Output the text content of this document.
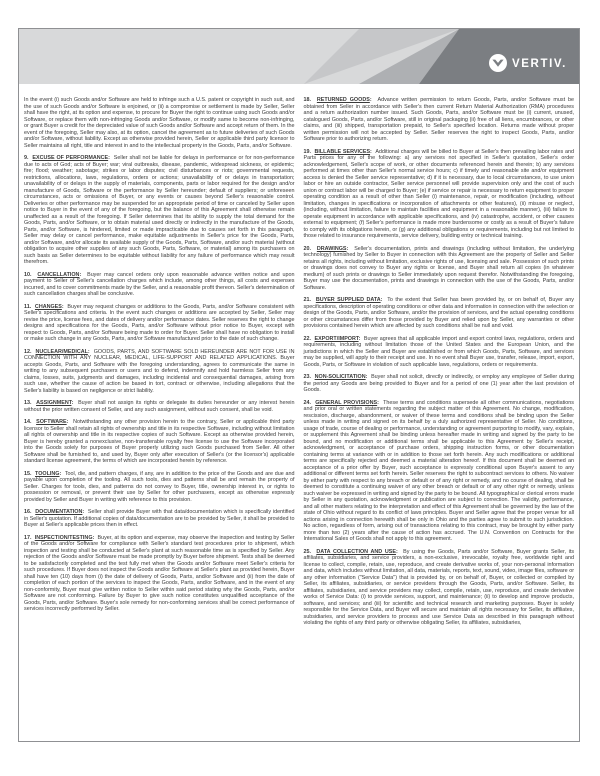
VERTIV.

In the event (i) such Goods and/or Software are held to infringe such a U.S. patent or copyright in such suit, and the use of such Goods and/or Software is enjoined, or (ii) a compromise or settlement is made by Seller, Seller shall have the right, at its option and expense, to procure for Buyer the right to continue using such Goods and/or Software, or replace them with non-infringing Goods and/or Software, or modify same to become non-infringing, or grant Buyer a credit for the depreciated value of such Goods and/or Software and accept return of them. In the event of the foregoing, Seller may also, at its option, cancel the agreement as to future deliveries of such Goods and/or Software, without liability. Except as otherwise provided herein, Seller or applicable third party licensor to Seller maintains all right, title and interest in and to the intellectual property in the Goods, Parts, and/or Software.

9.  EXCUSE OF PERFORMANCE:  Seller shall not be liable for delays in performance or for non-performance due to acts of God; acts of Buyer; war; viral outbreaks, disease, pandemic, widespread sickness, or epidemic; fire; flood; weather; sabotage; strikes or labor disputes; civil disturbances or riots; governmental requests, restrictions, allocations, laws, regulations, orders or actions; unavailability of or delays in transportation; unavailability of or delays in the supply of materials, components, parts or labor required for the design and/or manufacture of Goods, Software or the performance by Seller hereunder; default of suppliers; or unforeseen circumstances, acts or omissions of Buyer, or any events or causes beyond Seller's reasonable control. Deliveries or other performance may be suspended for an appropriate period of time or canceled by Seller upon notice to Buyer in the event of any of the foregoing, but the balance of this Agreement shall otherwise remain unaffected as a result of the foregoing. If Seller determines that its ability to supply the total demand for the Goods, Parts, and/or Software, or to obtain material used directly or indirectly in the manufacture of the Goods, Parts, and/or Software, is hindered, limited or made impracticable due to causes set forth in this paragraph, Seller may delay or cancel performance, make equitable adjustments in Seller's price for the Goods, Parts, and/or Software, and/or allocate its available supply of the Goods, Parts, Software, and/or such material (without obligation to acquire other supplies of any such Goods, Parts, Software, or material) among its purchasers on such basis as Seller determines to be equitable without liability for any failure of performance which may result therefrom.

10.  CANCELLATION:  Buyer may cancel orders only upon reasonable advance written notice and upon payment to Seller of Seller's cancellation charges which include, among other things, all costs and expenses incurred, and to cover commitments made by the Seller, and a reasonable profit thereon. Seller's determination of such cancellation charges shall be conclusive.

11.  CHANGES:  Buyer may request changes or additions to the Goods, Parts, and/or Software consistent with Seller's specifications and criteria. In the event such changes or additions are accepted by Seller, Seller may revise the price, license fees, and dates of delivery and/or performance dates. Seller reserves the right to change designs and specifications for the Goods, Parts, and/or Software without prior notice to Buyer, except with respect to Goods, Parts, and/or Software being made to order for Buyer. Seller shall have no obligation to install or make such change in any Goods, Parts, and/or Software manufactured prior to the date of such change.

12.  NUCLEAR/MEDICAL:  GOODS, PARTS, AND SOFTWARE SOLD HEREUNDER ARE NOT FOR USE IN CONNECTION WITH ANY NUCLEAR, MEDICAL, LIFE-SUPPORT AND RELATED APPLICATIONS. Buyer accepts Goods, Parts, and Software with the foregoing understanding, agrees to communicate the same in writing to any subsequent purchasers or users and to defend, indemnify and hold harmless Seller from any claims, losses, suits, judgments and damages, including incidental and consequential damages, arising from such use, whether the cause of action be based in tort, contract or otherwise, including allegations that the Seller's liability is based on negligence or strict liability.

13.  ASSIGNMENT:  Buyer shall not assign its rights or delegate its duties hereunder or any interest herein without the prior written consent of Seller, and any such assignment, without such consent, shall be void.

14.  SOFTWARE:  Notwithstanding any other provision herein to the contrary, Seller or applicable third party licensor to Seller shall retain all rights of ownership and title in its respective Software, including without limitation all rights of ownership and title in its respective copies of such Software. Except as otherwise provided herein, Buyer is hereby granted a nonexclusive, non-transferable royalty free license to use the Software incorporated into the Goods solely for purposes of Buyer properly utilizing such Goods purchased from Seller. All other Software shall be furnished to, and used by, Buyer only after execution of Seller's (or the licensor's) applicable standard license agreement, the terms of which are incorporated herein by reference.

15.  TOOLING:  Tool, die, and pattern charges, if any, are in addition to the price of the Goods and are due and payable upon completion of the tooling. All such tools, dies and patterns shall be and remain the property of Seller. Charges for tools, dies, and patterns do not convey to Buyer, title, ownership interest in, or rights to possession or removal, or prevent their use by Seller for other purchasers, except as otherwise expressly provided by Seller and Buyer in writing with reference to this provision.

16.  DOCUMENTATION:  Seller shall provide Buyer with that data/documentation which is specifically identified in Seller's quotation. If additional copies of data/documentation are to be provided by Seller, it shall be provided to Buyer at Seller's applicable prices then in effect.

17.  INSPECTION/TESTING:  Buyer, at its option and expense, may observe the inspection and testing by Seller of the Goods and/or Software for compliance with Seller's standard test procedures prior to shipment, which inspection and testing shall be conducted at Seller's plant at such reasonable time as is specified by Seller. Any rejection of the Goods and/or Software must be made promptly by Buyer before shipment. Tests shall be deemed to be satisfactorily completed and the test fully met when the Goods and/or Software meet Seller's criteria for such procedures. If Buyer does not inspect the Goods and/or Software at Seller's plant as provided herein, Buyer shall have ten (10) days from (i) the date of delivery of Goods, Parts, and/or Software and (ii) from the date of completion of each portion of the services to inspect the Goods, Parts, and/or Software, and in the event of any non-conformity, Buyer must give written notice to Seller within said period stating why the Goods, Parts, and/or Software are not conforming. Failure by Buyer to give such notice constitutes unqualified acceptance of the Goods, Parts, and/or Software. Buyer's sole remedy for non-conforming services shall be correct performance of services incorrectly performed by Seller.

18.  RETURNED GOODS:  Advance written permission to return Goods, Parts, and/or Software must be obtained from Seller in accordance with Seller's then current Return Material Authorization (RMA) procedures and a return authorization number issued. Such Goods, Parts, and/or Software must be (i) current, unused, catalogued Goods, Parts, and/or Software, still in original packaging (ii) free of all liens, encumbrances, or other claims, and (iii) shipped, transportation prepaid, to Seller's specified location. Returns made without proper written permission will not be accepted by Seller. Seller reserves the right to inspect Goods, Parts, and/or Software prior to authorizing return.

19.  BILLABLE SERVICES:  Additional charges will be billed to Buyer at Seller's then prevailing labor rates and Parts prices for any of the following: a) any services not specified in Seller's quotation, Seller's order acknowledgement, Seller's scope of work, or other documents referenced herein and therein; b) any services performed at times other than Seller's normal service hours; c) if timely and reasonable site and/or equipment access is denied the Seller service representative; d) if it is necessary, due to local circumstances, to use union labor or hire an outside contractor, Seller service personnel will provide supervision only and the cost of such union or contract labor will be charged to Buyer; (e) if service or repair is necessary to return equipment to proper operating condition as a result of other than Seller (i) maintenance, repair, or modification (including, without limitation, changes in specifications or incorporation of attachments or other features), (ii) misuse or neglect, (including, without limitation, failure to maintain facilities and equipment in a reasonable manner), (iii) failure to operate equipment in accordance with applicable specifications, and (iv) catastrophe, accident, or other causes external to equipment; (f) Seller's performance is made more burdensome or costly as a result of Buyer's failure to comply with its obligations herein, or (g) any additional obligations or requirements, including but not limited to those related to insurance requirements, service delivery, building entry or technical training.

20.  DRAWINGS:  Seller's documentation, prints and drawings (including without limitation, the underlying technology) furnished by Seller to Buyer in connection with this Agreement are the property of Seller and Seller retains all rights, including without limitation, exclusive rights of use, licensing and sale. Possession of such prints or drawings does not convey to Buyer any rights or license, and Buyer shall return all copies (in whatever medium) of such prints or drawings to Seller immediately upon request therefor. Notwithstanding the foregoing, Buyer may use the documentation, prints and drawings in connection with the use of the Goods, Parts, and/or Software.

21.  BUYER SUPPLIED DATA:  To the extent that Seller has been provided by, or on behalf of, Buyer any specifications, description of operating conditions or other data and information in connection with the selection or design of the Goods, Parts, and/or Software, and/or the provision of services, and the actual operating conditions or other circumstances differ from those provided by Buyer and relied upon by Seller, any warranties or other provisions contained herein which are affected by such conditions shall be null and void.

22.  EXPORT/IMPORT:  Buyer agrees that all applicable import and export control laws, regulations, orders and requirements, including without limitation those of the United States and the European Union, and the jurisdictions in which the Seller and Buyer are established or from which Goods, Parts, Software, and services may be supplied, will apply to their receipt and use. In no event shall Buyer use, transfer, release, import, export, Goods, Parts, or Software in violation of such applicable laws, regulations, orders or requirements.

23.  NON-SOLICITATION:  Buyer shall not solicit, directly or indirectly, or employ any employee of Seller during the period any Goods are being provided to Buyer and for a period of one (1) year after the last provision of Goods.

24.  GENERAL PROVISIONS:  These terms and conditions supersede all other communications, negotiations and prior oral or written statements regarding the subject matter of this Agreement. No change, modification, rescission, discharge, abandonment, or waiver of these terms and conditions shall be binding upon the Seller unless made in writing and signed on its behalf by a duly authorized representative of Seller. No conditions, usage of trade, course of dealing or performance, understanding or agreement purporting to modify, vary, explain, or supplement this Agreement shall be binding unless hereafter made in writing and signed by the party to be bound, and no modification or additional terms shall be applicable to this Agreement by Seller's receipt, acknowledgment, or acceptance of purchase orders, shipping instruction forms, or other documentation containing terms at variance with or in addition to those set forth herein. Any such modifications or additional terms are specifically rejected and deemed a material alteration hereof. If this document shall be deemed an acceptance of a prior offer by Buyer, such acceptance is expressly conditional upon Buyer's assent to any additional or different terms set forth herein. Seller reserves the right to subcontract services to others. No waiver by either party with respect to any breach or default or of any right or remedy, and no course of dealing, shall be deemed to constitute a continuing waiver of any other breach or default or of any other right or remedy, unless such waiver be expressed in writing and signed by the party to be bound. All typographical or clerical errors made by Seller in any quotation, acknowledgment or publication are subject to correction. The validity, performance, and all other matters relating to the interpretation and effect of this Agreement shall be governed by the law of the state of Ohio without regard to its conflict of laws principles. Buyer and Seller agree that the proper venue for all actions arising in connection herewith shall be only in Ohio and the parties agree to submit to such jurisdiction. No action, regardless of form, arising out of transactions relating to this contract, may be brought by either party more than two (2) years after the cause of action has accrued. The U.N. Convention on Contracts for the International Sales of Goods shall not apply to this agreement.

25.  DATA COLLECTION AND USE:  By using the Goods, Parts and/or Software, Buyer grants Seller, its affiliates, subsidiaries, and service providers, a non-exclusive, irrevocable, royalty free, worldwide right and license to collect, compile, retain, use, reproduce, and create derivative works of, your non-personal information and data, which includes without limitation, all data, materials, reports, text, sound, video, image files, software or any other information ("Service Data") that is provided by, or on behalf of, Buyer, or collected or compiled by Seller, its affiliates, subsidiaries, or service providers through the Goods, Parts, and/or Software. Seller, its affiliates, subsidiaries, and service providers may collect, compile, retain, use, reproduce, and create derivative works of Service Data: (i) to provide services, support, and maintenance; (ii) to develop and improve products, software, and services; and (iii) for scientific and technical research and marketing purposes. Buyer is solely responsible for the Service Data, and Buyer will secure and maintain all rights necessary for Seller, its affiliates, subsidiaries, and service providers to process and use Service Data as described in this paragraph without violating the rights of any third party or otherwise obligating Seller, its affiliates, subsidiaries,
